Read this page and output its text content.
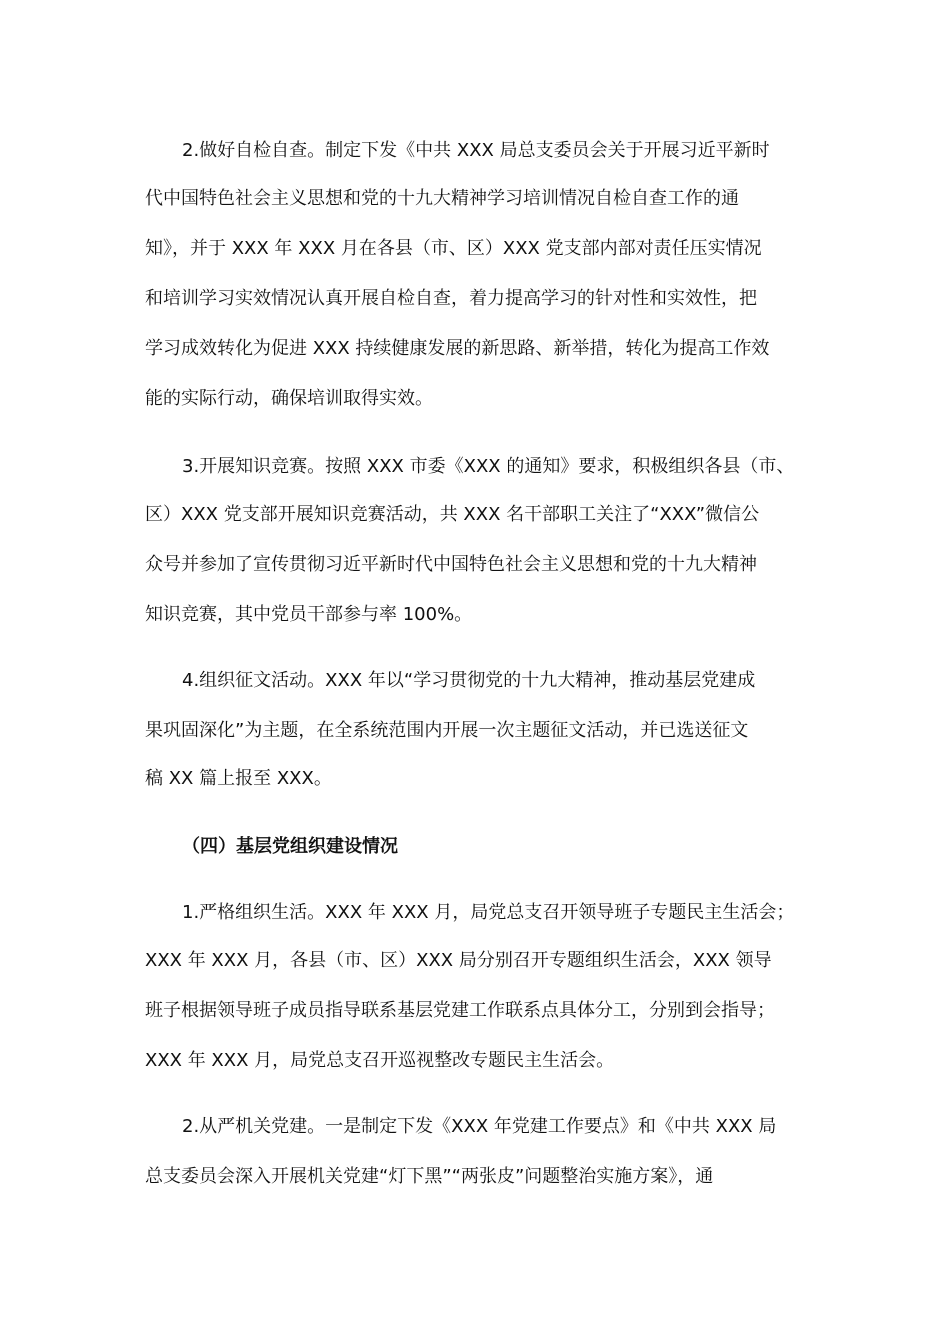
2.做好自检自查。制定下发《中共 XXX 局总支委员会关于开展习近平新时
代中国特色社会主义思想和党的十九大精神学习培训情况自检自查工作的通
知》，并于 XXX 年 XXX 月在各县（市、区）XXX 党支部内部对责任压实情况
和培训学习实效情况认真开展自检自查，着力提高学习的针对性和实效性，把
学习成效转化为促进 XXX 持续健康发展的新思路、新举措，转化为提高工作效
能的实际行动，确保培训取得实效。
3.开展知识竞赛。按照 XXX 市委《XXX 的通知》要求，积极组织各县（市、
区）XXX 党支部开展知识竞赛活动，共 XXX 名干部职工关注了“XXX”微信公
众号并参加了宣传贯彻习近平新时代中国特色社会主义思想和党的十九大精神
知识竞赛，其中党员干部参与率 100%。
4.组织征文活动。XXX 年以“学习贯彻党的十九大精神，推动基层党建成
果巩固深化”为主题，在全系统范围内开展一次主题征文活动，并已选送征文
稿 XX 篇上报至 XXX。
（四）基层党组织建设情况
1.严格组织生活。XXX 年 XXX 月，局党总支召开领导班子专题民主生活会；
XXX 年 XXX 月，各县（市、区）XXX 局分别召开专题组织生活会，XXX 领导
班子根据领导班子成员指导联系基层党建工作联系点具体分工，分别到会指导；
XXX 年 XXX 月，局党总支召开巡视整改专题民主生活会。
2.从严机关党建。一是制定下发《XXX 年党建工作要点》和《中共 XXX 局
总支委员会深入开展机关党建“灯下黑”“两张皮”问题整治实施方案》，通
